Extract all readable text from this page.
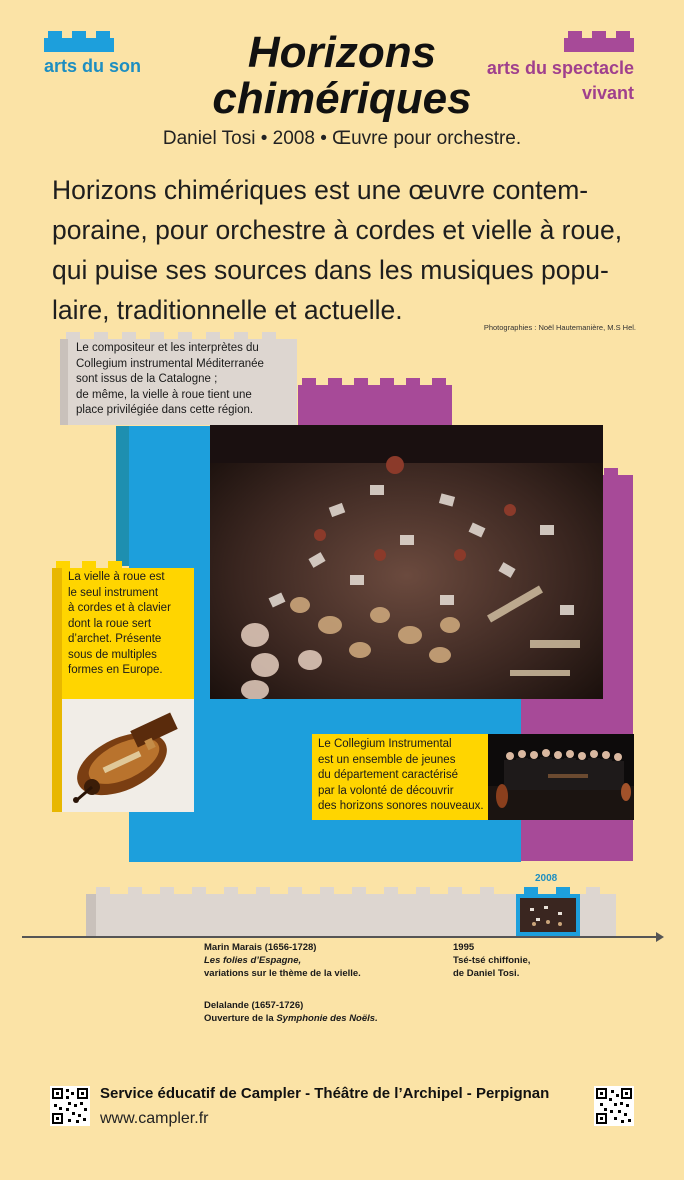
arts du son	arts du spectacle
vivant
Horizons
chimériques
Daniel Tosi • 2008 • Œuvre pour orchestre.
Horizons chimériques est une œuvre contem-
poraine, pour orchestre à cordes et vielle à roue,
qui puise ses sources dans les musiques popu-
laire, traditionnelle et actuelle.
Photographies : Noël Hautemanière, M.S Hel.
Le compositeur et les interprètes du
Collegium instrumental Méditerranée
sont issus de la Catalogne ;
de même, la vielle à roue tient une
place privilégiée dans cette région.
La vielle à roue est
le seul instrument
à cordes et à clavier
dont la roue sert
d’archet. Présente
sous de multiples
formes en Europe.
Le Collegium Instrumental
est un ensemble de jeunes
du département caractérisé
par la volonté de découvrir
des horizons sonores nouveaux.
2008
Marin Marais (1656-1728)
Les folies d’Espagne,
variations sur le thème de la vielle.
Delalande (1657-1726)
Ouverture de la Symphonie des Noëls.
1995
Tsé-tsé chiffonie,
de Daniel Tosi.
Service éducatif de Campler - Théâtre de l’Archipel - Perpignan
www.campler.fr
